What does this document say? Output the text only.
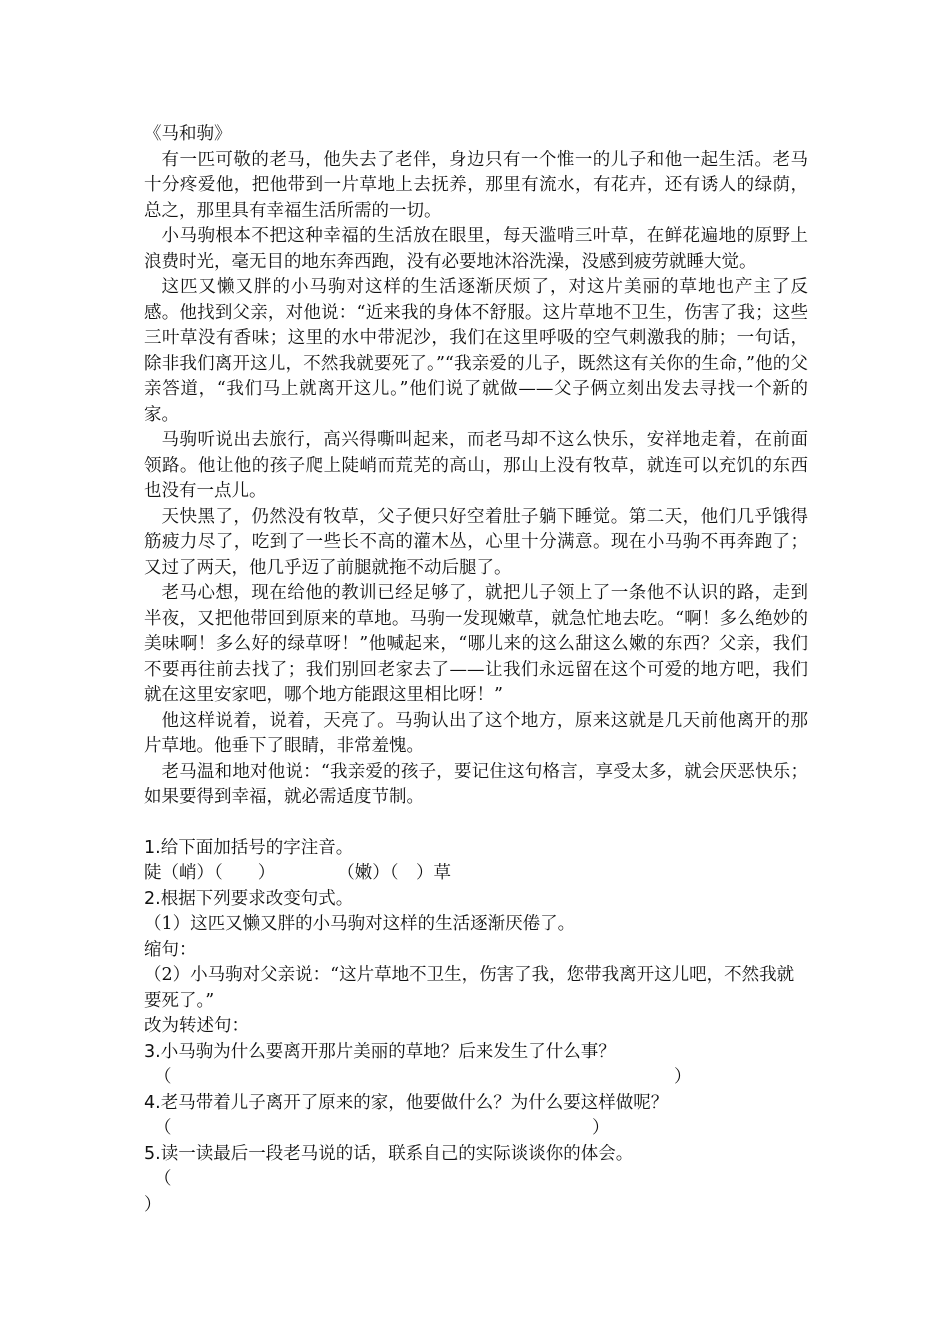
《马和驹》

有一匹可敬的老马，他失去了老伴，身边只有一个惟一的儿子和他一起生活。老马十分疼爱他，把他带到一片草地上去抚养，那里有流水，有花卉，还有诱人的绿荫，总之，那里具有幸福生活所需的一切。

小马驹根本不把这种幸福的生活放在眼里，每天滥啃三叶草，在鲜花遍地的原野上浪费时光，毫无目的地东奔西跑，没有必要地沐浴洗澡，没感到疲劳就睡大觉。

这匹又懒又胖的小马驹对这样的生活逐渐厌烦了，对这片美丽的草地也产主了反感。他找到父亲，对他说：“近来我的身体不舒服。这片草地不卫生，伤害了我；这些三叶草没有香味；这里的水中带泥沙，我们在这里呼吸的空气刺激我的肺；一句话，除非我们离开这儿，不然我就要死了。”“我亲爱的儿子，既然这有关你的生命，”他的父亲答道，“我们马上就离开这儿。”他们说了就做——父子俩立刻出发去寻找一个新的家。

马驹听说出去旅行，高兴得嘶叫起来，而老马却不这么快乐，安祥地走着，在前面领路。他让他的孩子爬上陡峭而荒芜的高山，那山上没有牧草，就连可以充饥的东西也没有一点儿。

天快黑了，仍然没有牧草，父子便只好空着肚子躺下睡觉。第二天，他们几乎饿得筋疲力尽了，吃到了一些长不高的灌木丛，心里十分满意。现在小马驹不再奔跑了；又过了两天，他几乎迈了前腿就拖不动后腿了。

老马心想，现在给他的教训已经足够了，就把儿子领上了一条他不认识的路，走到半夜，又把他带回到原来的草地。马驹一发现嫩草，就急忙地去吃。“啊！多么绝妙的美味啊！多么好的绿草呀！”他喊起来，“哪儿来的这么甜这么嫩的东西？父亲，我们不要再往前去找了；我们别回老家去了——让我们永远留在这个可爱的地方吧，我们就在这里安家吧，哪个地方能跟这里相比呀！”

他这样说着，说着，天亮了。马驹认出了这个地方，原来这就是几天前他离开的那片草地。他垂下了眼睛，非常羞愧。

老马温和地对他说：“我亲爱的孩子，要记住这句格言，享受太多，就会厌恶快乐；如果要得到幸福，就必需适度节制。

1.给下面加括号的字注音。

陡（峭）（　　）	（嫩）（　）草

2.根据下列要求改变句式。

（1）这匹又懒又胖的小马驹对这样的生活逐渐厌倦了。

缩句：

（2）小马驹对父亲说：“这片草地不卫生，伤害了我，您带我离开这儿吧，不然我就要死了。”

改为转述句：

3.小马驹为什么要离开那片美丽的草地？后来发生了什么事？

（	）

4.老马带着儿子离开了原来的家，他要做什么？为什么要这样做呢？

（	）

5.读一读最后一段老马说的话，联系自己的实际谈谈你的体会。

（
）
